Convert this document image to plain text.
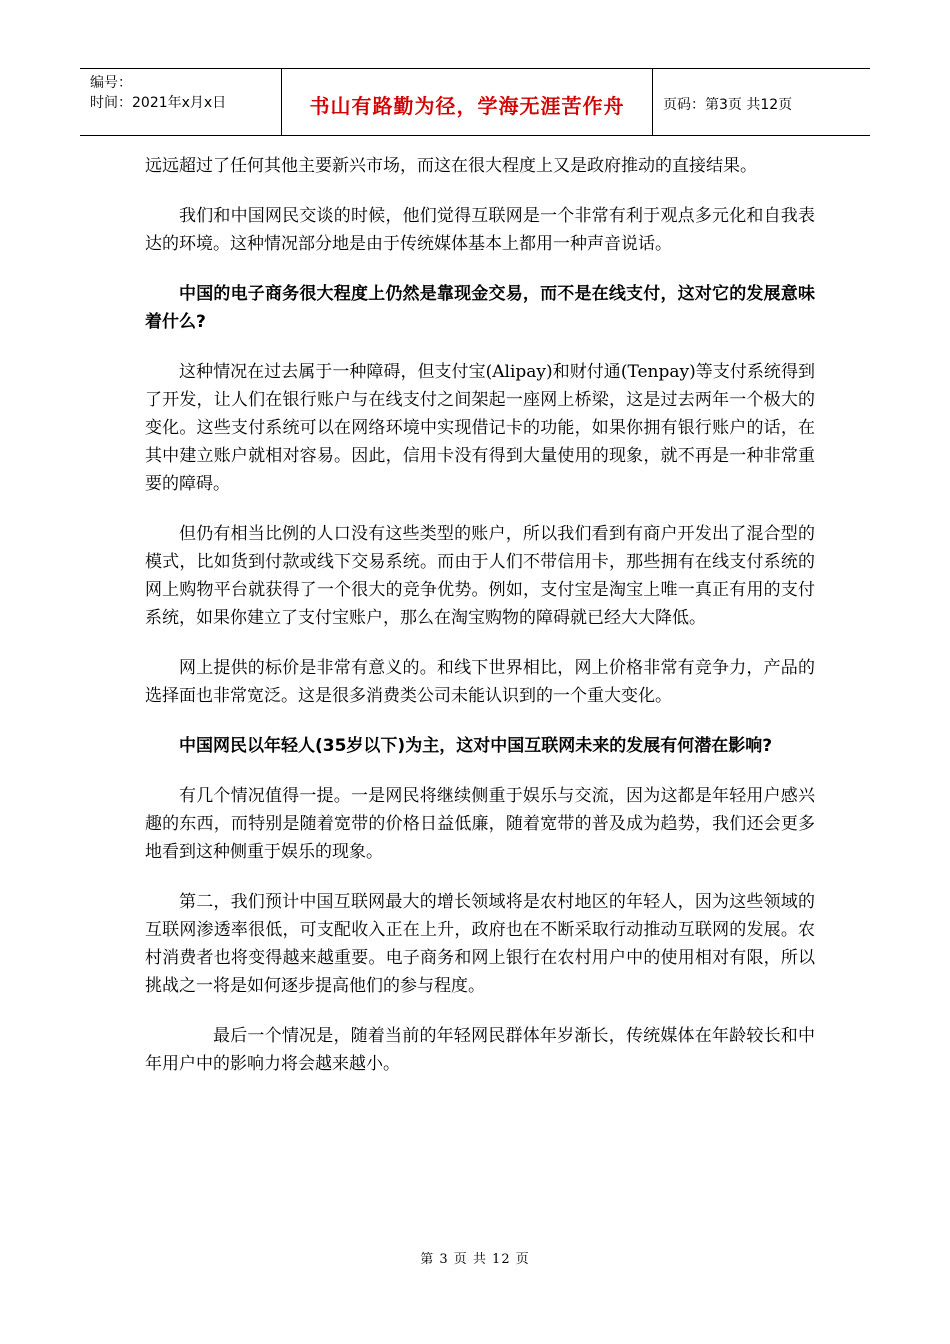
编号：
时间：2021年x月x日	书山有路勤为径，学海无涯苦作舟	页码：第3页 共12页

远远超过了任何其他主要新兴市场，而这在很大程度上又是政府推动的直接结果。

我们和中国网民交谈的时候，他们觉得互联网是一个非常有利于观点多元化和自我表达的环境。这种情况部分地是由于传统媒体基本上都用一种声音说话。

中国的电子商务很大程度上仍然是靠现金交易，而不是在线支付，这对它的发展意味着什么?

这种情况在过去属于一种障碍，但支付宝(Alipay)和财付通(Tenpay)等支付系统得到了开发，让人们在银行账户与在线支付之间架起一座网上桥梁，这是过去两年一个极大的变化。这些支付系统可以在网络环境中实现借记卡的功能，如果你拥有银行账户的话，在其中建立账户就相对容易。因此，信用卡没有得到大量使用的现象，就不再是一种非常重要的障碍。

但仍有相当比例的人口没有这些类型的账户，所以我们看到有商户开发出了混合型的模式，比如货到付款或线下交易系统。而由于人们不带信用卡，那些拥有在线支付系统的网上购物平台就获得了一个很大的竞争优势。例如，支付宝是淘宝上唯一真正有用的支付系统，如果你建立了支付宝账户，那么在淘宝购物的障碍就已经大大降低。

网上提供的标价是非常有意义的。和线下世界相比，网上价格非常有竞争力，产品的选择面也非常宽泛。这是很多消费类公司未能认识到的一个重大变化。

中国网民以年轻人(35岁以下)为主，这对中国互联网未来的发展有何潜在影响?

有几个情况值得一提。一是网民将继续侧重于娱乐与交流，因为这都是年轻用户感兴趣的东西，而特别是随着宽带的价格日益低廉，随着宽带的普及成为趋势，我们还会更多地看到这种侧重于娱乐的现象。

第二，我们预计中国互联网最大的增长领域将是农村地区的年轻人，因为这些领域的互联网渗透率很低，可支配收入正在上升，政府也在不断采取行动推动互联网的发展。农村消费者也将变得越来越重要。电子商务和网上银行在农村用户中的使用相对有限，所以挑战之一将是如何逐步提高他们的参与程度。

最后一个情况是，随着当前的年轻网民群体年岁渐长，传统媒体在年龄较长和中年用户中的影响力将会越来越小。

第 3 页 共 12 页
